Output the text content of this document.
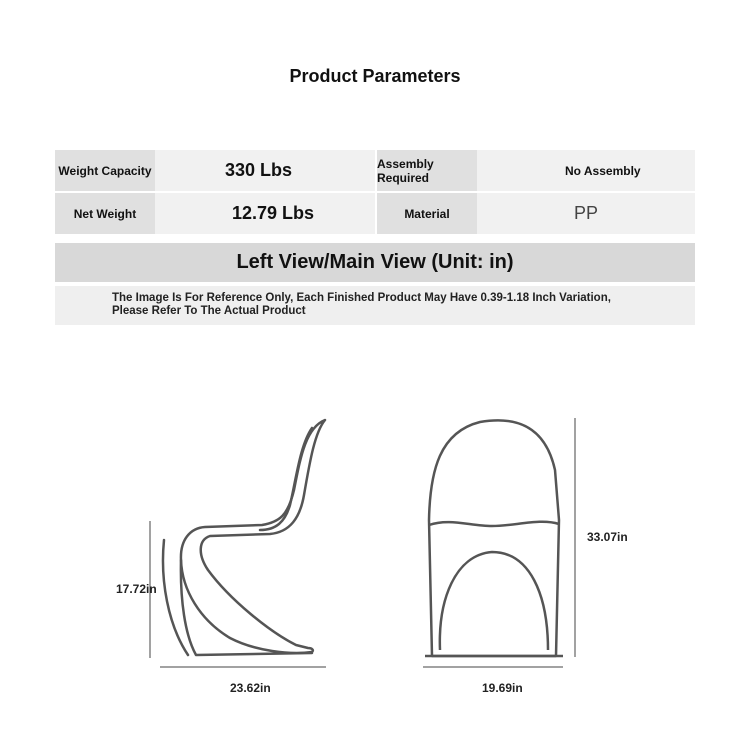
Product Parameters
Weight Capacity	330 Lbs	Assembly Required	No Assembly
Net Weight	12.79 Lbs	Material	PP
Left View/Main View (Unit: in)
The Image Is For Reference Only, Each Finished Product May Have 0.39-1.18 Inch Variation,
Please Refer To The Actual Product
17.72in
23.62in	19.69in
33.07in
